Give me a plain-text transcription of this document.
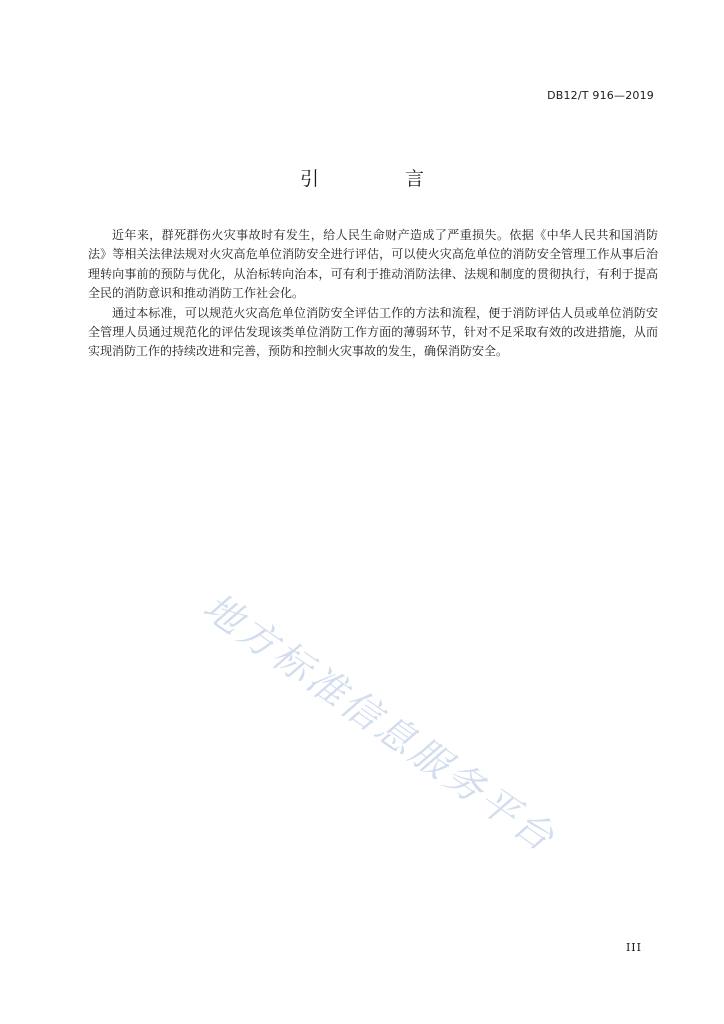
DB12/T 916—2019
引 言

近年来，群死群伤火灾事故时有发生，给人民生命财产造成了严重损失。依据《中华人民共和国消防法》等相关法律法规对火灾高危单位消防安全进行评估，可以使火灾高危单位的消防安全管理工作从事后治理转向事前的预防与优化，从治标转向治本，可有利于推动消防法律、法规和制度的贯彻执行，有利于提高全民的消防意识和推动消防工作社会化。

通过本标准，可以规范火灾高危单位消防安全评估工作的方法和流程，便于消防评估人员或单位消防安全管理人员通过规范化的评估发现该类单位消防工作方面的薄弱环节，针对不足采取有效的改进措施，从而实现消防工作的持续改进和完善，预防和控制火灾事故的发生，确保消防安全。

地方标准信息服务平台
III
